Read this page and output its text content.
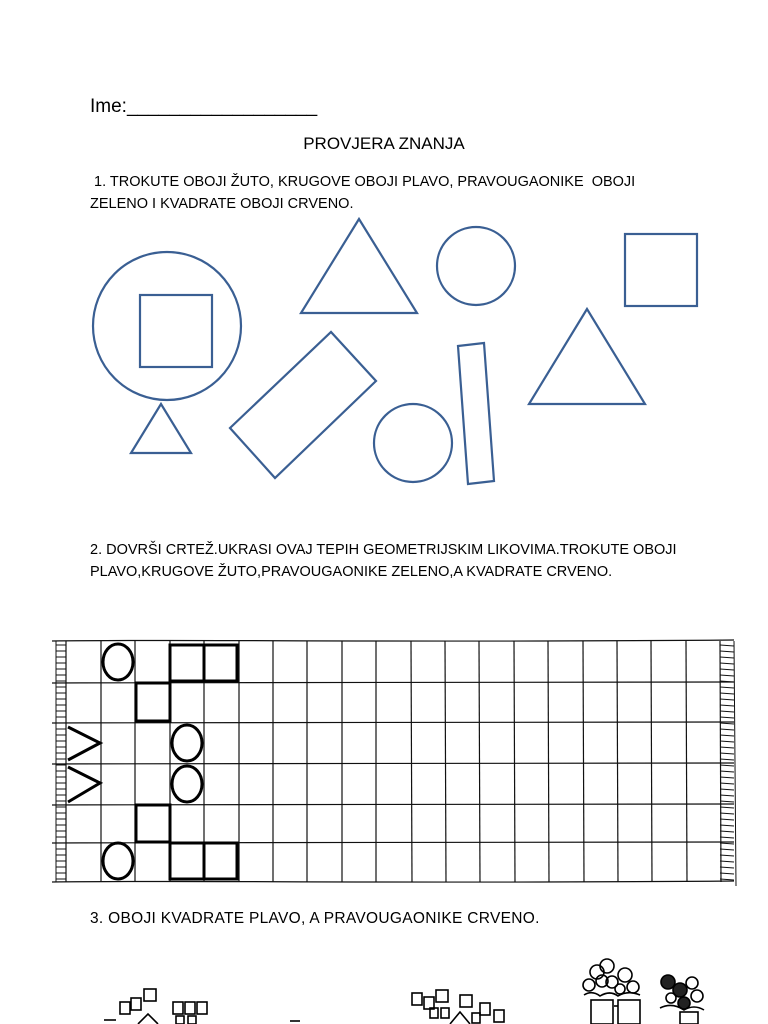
Ime:__________________
PROVJERA ZNANJA
1. TROKUTE OBOJI ŽUTO, KRUGOVE OBOJI PLAVO, PRAVOUGAONIKE  OBOJI
ZELENO I KVADRATE OBOJI CRVENO.
2. DOVRŠI CRTEŽ.UKRASI OVAJ TEPIH GEOMETRIJSKIM LIKOVIMA.TROKUTE OBOJI
PLAVO,KRUGOVE ŽUTO,PRAVOUGAONIKE ZELENO,A KVADRATE CRVENO.
3. OBOJI KVADRATE PLAVO, A PRAVOUGAONIKE CRVENO.
